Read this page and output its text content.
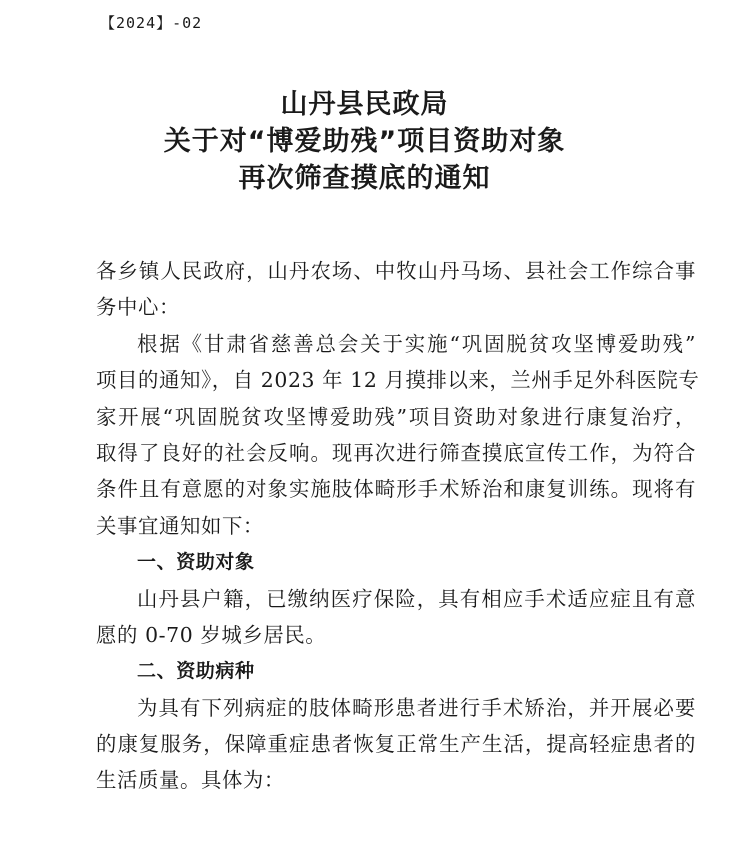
【2024】-02
山丹县民政局
关于对“博爱助残”项目资助对象
再次筛查摸底的通知
各乡镇人民政府，山丹农场、中牧山丹马场、县社会工作综合事
务中心：
根据《甘肃省慈善总会关于实施“巩固脱贫攻坚博爱助残”
项目的通知》，自 2023 年 12 月摸排以来，兰州手足外科医院专
家开展“巩固脱贫攻坚博爱助残”项目资助对象进行康复治疗，
取得了良好的社会反响。现再次进行筛查摸底宣传工作，为符合
条件且有意愿的对象实施肢体畸形手术矫治和康复训练。现将有
关事宜通知如下：
一、资助对象
山丹县户籍，已缴纳医疗保险，具有相应手术适应症且有意
愿的 0-70 岁城乡居民。
二、资助病种
为具有下列病症的肢体畸形患者进行手术矫治，并开展必要
的康复服务，保障重症患者恢复正常生产生活，提高轻症患者的
生活质量。具体为：
